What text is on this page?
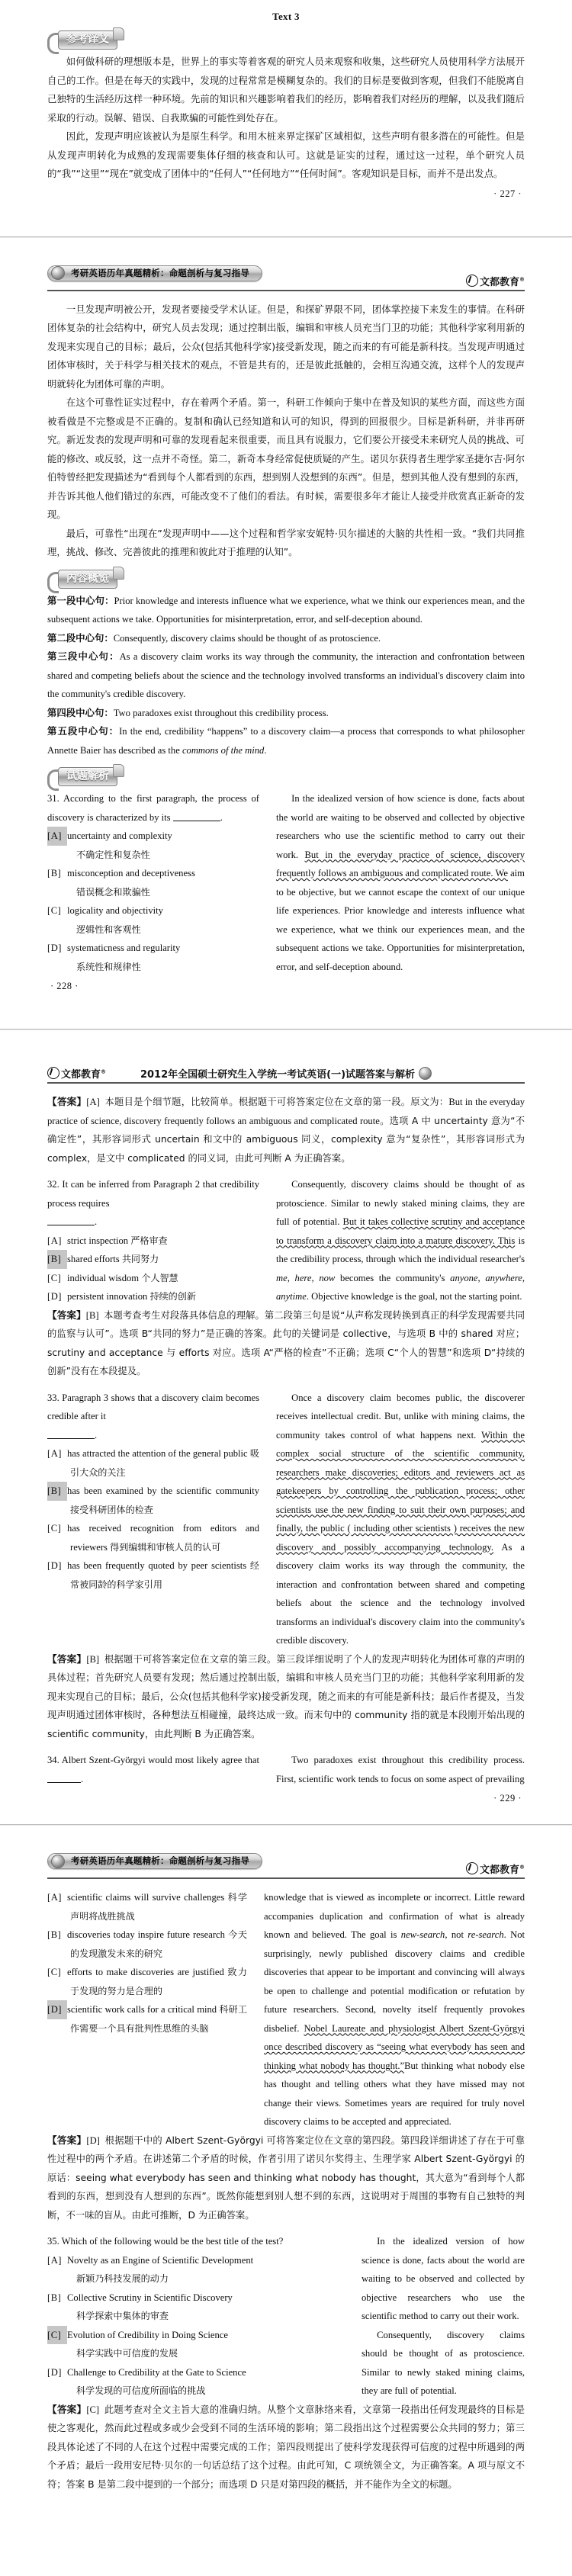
Text 3
参考译文

如何做科研的理想版本是，世界上的事实等着客观的研究人员来观察和收集，这些研究人员使用科学方法展开自己的工作。但是在每天的实践中，发现的过程常常是模糊复杂的。我们的目标是要做到客观，但我们不能脱离自己独特的生活经历这样一种环境。先前的知识和兴趣影响着我们的经历，影响着我们对经历的理解，以及我们随后采取的行动。误解、错误、自我欺骗的可能性到处存在。

因此，发现声明应该被认为是原生科学。和用木桩来界定探矿区域相似，这些声明有很多潜在的可能性。但是从发现声明转化为成熟的发现需要集体仔细的核查和认可。这就是证实的过程，通过这一过程，单个研究人员的“我”“这里”“现在”就变成了团体中的“任何人”“任何地方”“任何时间”。客观知识是目标，而并不是出发点。

· 227 ·
考研英语历年真题精析：命题剖析与复习指导
文都教育®

一旦发现声明被公开，发现者要接受学术认证。但是，和探矿界限不同，团体掌控接下来发生的事情。在科研团体复杂的社会结构中，研究人员去发现；通过控制出版，编辑和审核人员充当门卫的功能；其他科学家利用新的发现来实现自己的目标；最后，公众(包括其他科学家)接受新发现，随之而来的有可能是新科技。当发现声明通过团体审核时，关于科学与相关技术的观点，不管是共有的，还是彼此抵触的，会相互沟通交流，这样个人的发现声明就转化为团体可靠的声明。

在这个可靠性证实过程中，存在着两个矛盾。第一，科研工作倾向于集中在普及知识的某些方面，而这些方面被看做是不完整或是不正确的。复制和确认已经知道和认可的知识，得到的回报很少。目标是新科研，并非再研究。新近发表的发现声明和可靠的发现看起来很重要，而且具有说服力，它们要公开接受未来研究人员的挑战、可能的修改、或反驳，这一点并不奇怪。第二，新奇本身经常促使质疑的产生。诺贝尔获得者生理学家圣捷尔吉·阿尔伯特曾经把发现描述为“看到每个人都看到的东西，想到别人没想到的东西”。但是，想到其他人没有想到的东西，并告诉其他人他们错过的东西，可能改变不了他们的看法。有时候，需要很多年才能让人接受并欣赏真正新奇的发现。

最后，可靠性“出现在”发现声明中——这个过程和哲学家安妮特·贝尔描述的大脑的共性相一致。“我们共同推理，挑战、修改、完善彼此的推理和彼此对于推理的认知”。

内容概览

第一段中心句：Prior knowledge and interests influence what we experience, what we think our experiences mean, and the subsequent actions we take. Opportunities for misinterpretation, error, and self-deception abound.

第二段中心句：Consequently, discovery claims should be thought of as protoscience.

第三段中心句：As a discovery claim works its way through the community, the interaction and confrontation between shared and competing beliefs about the science and the technology involved transforms an individual's discovery claim into the community's credible discovery.

第四段中心句：Two paradoxes exist throughout this credibility process.

第五段中心句：In the end, credibility “happens” to a discovery claim—a process that corresponds to what philosopher Annette Baier has described as the commons of the mind.

试题解析

31. According to the first paragraph, the process of discovery is characterized by its	.

[A] uncertainty and complexity
不确定性和复杂性

[B] misconception and deceptiveness
错误概念和欺骗性

[C] logicality and objectivity
逻辑性和客观性

[D] systematicness and regularity
系统性和规律性

In the idealized version of how science is done, facts about the world are waiting to be observed and collected by objective researchers who use the scientific method to carry out their work. But in the everyday practice of science, discovery frequently follows an ambiguous and complicated route. We aim to be objective, but we cannot escape the context of our unique life experiences. Prior knowledge and interests influence what we experience, what we think our experiences mean, and the subsequent actions we take. Opportunities for misinterpretation, error, and self-deception abound.

· 228 ·
文都教育®	2012年全国硕士研究生入学统一考试英语(一)试题答案与解析

【答案】[A] 本题目是个细节题，比较简单。根据题干可将答案定位在文章的第一段。原文为：But in the everyday practice of science, discovery frequently follows an ambiguous and complicated route。选项 A 中 uncertainty 意为“不确定性”，其形容词形式 uncertain 和文中的 ambiguous 同义，complexity 意为“复杂性”，其形容词形式为 complex，是文中 complicated 的同义词，由此可判断 A 为正确答案。

32. It can be inferred from Paragraph 2 that credibility process requires
.

[A] strict inspection 严格审查

[B] shared efforts 共同努力

[C] individual wisdom 个人智慧

[D] persistent innovation 持续的创新

Consequently, discovery claims should be thought of as protoscience. Similar to newly staked mining claims, they are full of potential. But it takes collective scrutiny and acceptance to transform a discovery claim into a mature discovery. This is the credibility process, through which the individual researcher's me, here, now becomes the community's anyone, anywhere, anytime. Objective knowledge is the goal, not the starting point.

【答案】[B] 本题考查考生对段落具体信息的理解。第二段第三句是说“从声称发现转换到真正的科学发现需要共同的监察与认可”。选项 B“共同的努力”是正确的答案。此句的关键词是 collective，与选项 B 中的 shared 对应；scrutiny and acceptance 与 efforts 对应。选项 A“严格的检查”不正确；选项 C“个人的智慧”和选项 D“持续的创新”没有在本段提及。

33. Paragraph 3 shows that a discovery claim becomes credible after it
.

[A] has attracted the attention of the general public 吸引大众的关注

[B] has been examined by the scientific community 接受科研团体的检查

[C] has received recognition from editors and reviewers 得到编辑和审核人员的认可

[D] has been frequently quoted by peer scientists 经常被同龄的科学家引用

Once a discovery claim becomes public, the discoverer receives intellectual credit. But, unlike with mining claims, the community takes control of what happens next. Within the complex social structure of the scientific community, researchers make discoveries; editors and reviewers act as gatekeepers by controlling the publication process; other scientists use the new finding to suit their own purposes; and finally, the public ( including other scientists ) receives the new discovery and possibly accompanying technology. As a discovery claim works its way through the community, the interaction and confrontation between shared and competing beliefs about the science and the technology involved transforms an individual's discovery claim into the community's credible discovery.

【答案】[B] 根据题干可将答案定位在文章的第三段。第三段详细说明了个人的发现声明转化为团体可靠的声明的具体过程；首先研究人员要有发现；然后通过控制出版，编辑和审核人员充当门卫的功能；其他科学家利用新的发现来实现自己的目标；最后，公众(包括其他科学家)接受新发现，随之而来的有可能是新科技；最后作者提及，当发现声明通过团体审核时，各种想法互相碰撞，最终达成一致。而末句中的 community 指的就是本段刚开始出现的 scientific community，由此判断 B 为正确答案。

34. Albert Szent-Györgyi would most likely agree that .

Two paradoxes exist throughout this credibility process. First, scientific work tends to focus on some aspect of prevailing

· 229 ·
考研英语历年真题精析：命题剖析与复习指导
文都教育®

[A] scientific claims will survive challenges 科学声明将战胜挑战

[B] discoveries today inspire future research 今天的发现激发未来的研究

[C] efforts to make discoveries are justified 致力于发现的努力是合理的

[D] scientific work calls for a critical mind 科研工作需要一个具有批判性思维的头脑

knowledge that is viewed as incomplete or incorrect. Little reward accompanies duplication and confirmation of what is already known and believed. The goal is new-search, not re-search. Not surprisingly, newly published discovery claims and credible discoveries that appear to be important and convincing will always be open to challenge and potential modification or refutation by future researchers. Second, novelty itself frequently provokes disbelief. Nobel Laureate and physiologist Albert Szent-Györgyi once described discovery as “seeing what everybody has seen and thinking what nobody has thought.”But thinking what nobody else has thought and telling others what they have missed may not change their views. Sometimes years are required for truly novel discovery claims to be accepted and appreciated.

【答案】[D] 根据题干中的 Albert Szent-Györgyi 可将答案定位在文章的第四段。第四段详细讲述了存在于可靠性过程中的两个矛盾。在讲述第二个矛盾的时候，作者引用了诺贝尔奖得主、生理学家 Albert Szent-Györgyi 的原话：seeing what everybody has seen and thinking what nobody has thought，其大意为“看到每个人都看到的东西，想到没有人想到的东西”。既然你能想到别人想不到的东西，这说明对于周围的事物有自己独特的判断，不一味的盲从。由此可推断，D 为正确答案。

35. Which of the following would be the best title of the test?

[A] Novelty as an Engine of Scientific Development
新颖乃科技发展的动力

[B] Collective Scrutiny in Scientific Discovery
科学探索中集体的审查

[C] Evolution of Credibility in Doing Science
科学实践中可信度的发展

[D] Challenge to Credibility at the Gate to Science
科学发现的可信度所面临的挑战

In the idealized version of how science is done, facts about the world are waiting to be observed and collected by objective researchers who use the scientific method to carry out their work.

Consequently, discovery claims should be thought of as protoscience. Similar to newly staked mining claims, they are full of potential.

【答案】[C] 此题考查对全文主旨大意的准确归纳。从整个文章脉络来看，文章第一段指出任何发现最终的目标是使之客观化，然而此过程或多或少会受到不同的生活环境的影响；第二段指出这个过程需要公众共同的努力；第三段具体论述了不同的人在这个过程中需要完成的工作；第四段则提出了使科学发现获得可信度的过程中所遇到的两个矛盾；最后一段用安尼特·贝尔的一句话总结了这个过程。由此可知，C 项统领全文，为正确答案。A 项与原文不符；答案 B 是第二段中提到的一个部分；而选项 D 只是对第四段的概括，并不能作为全文的标题。
